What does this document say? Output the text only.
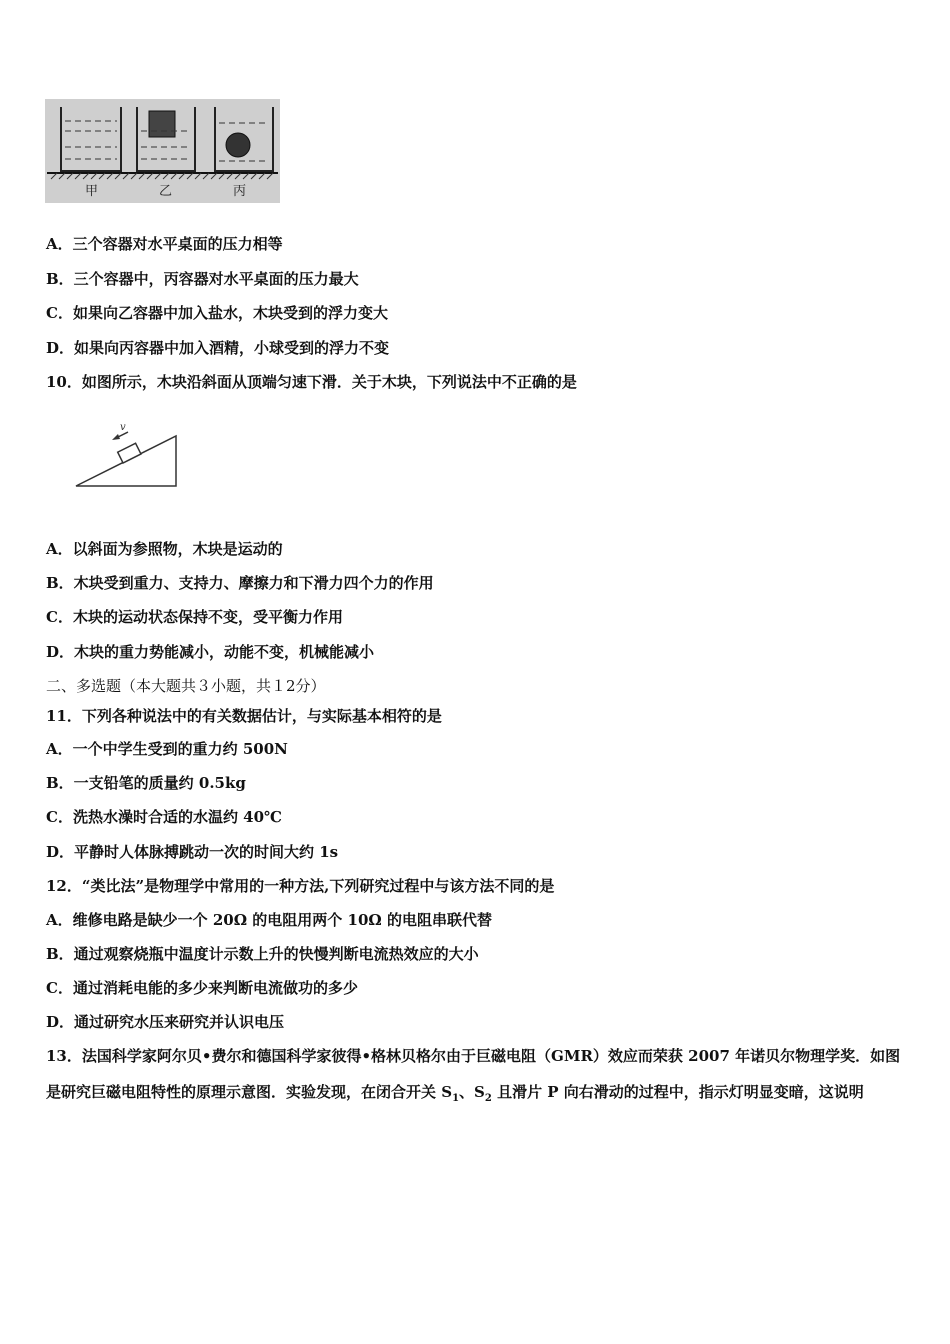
甲	乙	丙
A．三个容器对水平桌面的压力相等
B．三个容器中，丙容器对水平桌面的压力最大
C．如果向乙容器中加入盐水，木块受到的浮力变大
D．如果向丙容器中加入酒精，小球受到的浮力不变
10．如图所示，木块沿斜面从顶端匀速下滑．关于木块，下列说法中不正确的是
v
A．以斜面为参照物，木块是运动的
B．木块受到重力、支持力、摩擦力和下滑力四个力的作用
C．木块的运动状态保持不变，受平衡力作用
D．木块的重力势能减小，动能不变，机械能减小
二、多选题（本大题共３小题，共１2分）
11．下列各种说法中的有关数据估计，与实际基本相符的是
A．一个中学生受到的重力约 500N
B．一支铅笔的质量约 0.5kg
C．洗热水澡时合适的水温约 40℃
D．平静时人体脉搏跳动一次的时间大约 1s
12．“类比法”是物理学中常用的一种方法,下列研究过程中与该方法不同的是
A．维修电路是缺少一个 20Ω 的电阻用两个 10Ω 的电阻串联代替
B．通过观察烧瓶中温度计示数上升的快慢判断电流热效应的大小
C．通过消耗电能的多少来判断电流做功的多少
D．通过研究水压来研究并认识电压
13．法国科学家阿尔贝•费尔和德国科学家彼得•格林贝格尔由于巨磁电阻（GMR）效应而荣获 2007 年诺贝尔物理学奖．如图是研究巨磁电阻特性的原理示意图．实验发现，在闭合开关 $S_1$、$S_2$ 且滑片 P 向右滑动的过程中，指示灯明显变暗，这说明
